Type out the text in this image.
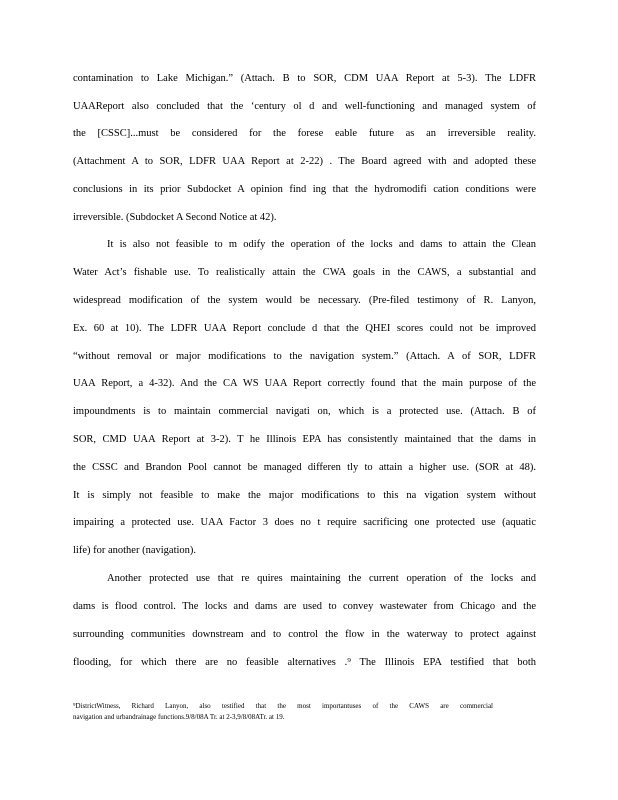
contamination to Lake Michigan.” (Attach. B to SOR, CDM UAA Report at 5-3). The LDFR
UAAReport also concluded that the ‘century ol d and well-functioning and managed system of
the [CSSC]...must be considered for the forese eable future as an irreversible reality.
(Attachment A to SOR, LDFR UAA Report at 2-22) . The Board agreed with and adopted these
conclusions in its prior Subdocket A opinion find ing that the hydromodifi cation conditions were
irreversible. (Subdocket A Second Notice at 42).
It is also not feasible to m odify the operation of the locks and dams to attain the Clean
Water Act’s fishable use. To realistically attain the CWA goals in the CAWS, a substantial and
widespread modification of the system would be necessary. (Pre-filed testimony of R. Lanyon,
Ex. 60 at 10). The LDFR UAA Report conclude d that the QHEI scores could not be improved
“without removal or major modifications to the navigation system.” (Attach. A of SOR, LDFR
UAA Report, a 4-32). And the CA WS UAA Report correctly found that the main purpose of the
impoundments is to maintain commercial navigati on, which is a protected use. (Attach. B of
SOR, CMD UAA Report at 3-2). T he Illinois EPA has consistently maintained that the dams in
the CSSC and Brandon Pool cannot be managed differen tly to attain a higher use. (SOR at 48).
It is simply not feasible to make the major modifications to this na vigation system without
impairing a protected use. UAA Factor 3 does no t require sacrificing one protected use (aquatic
life) for another (navigation).
Another protected use that re quires maintaining the current operation of the locks and
dams is flood control. The locks and dams are used to convey wastewater from Chicago and the
surrounding communities downstream and to control the flow in the waterway to protect against
flooding, for which there are no feasible alternatives .⁹ The Illinois EPA testified that both
⁹DistrictWitness, Richard Lanyon, also testified that the most importantuses of the CAWS are commercial
navigation and urbandrainage functions.9/8/08A Tr. at 2-3,9/8/08ATr. at 19.
